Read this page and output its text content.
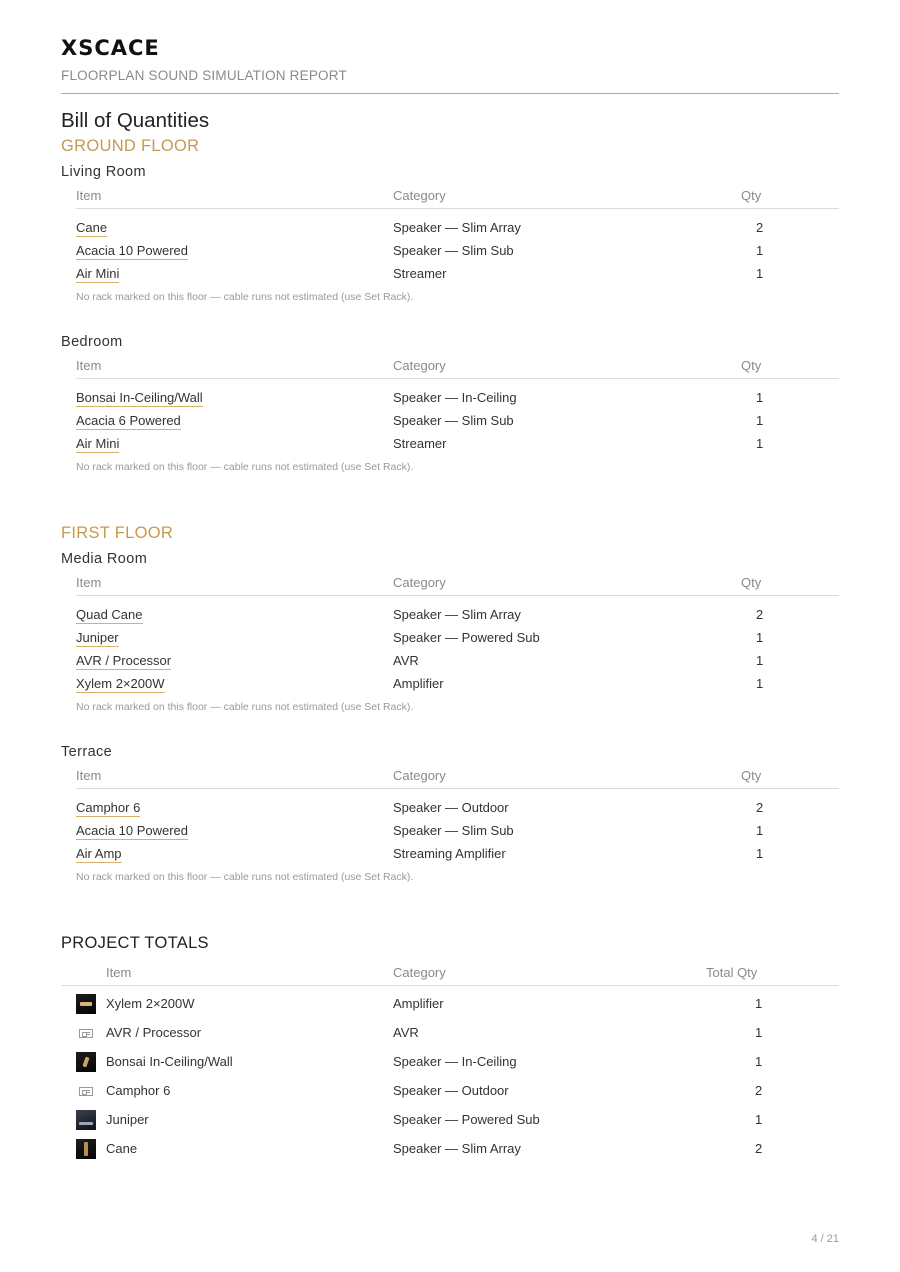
XSCACE
FLOORPLAN SOUND SIMULATION REPORT
Bill of Quantities
GROUND FLOOR
Living Room
Item	Category	Qty
Cane	Speaker — Slim Array	2
Acacia 10 Powered	Speaker — Slim Sub	1
Air Mini	Streamer	1
No rack marked on this floor — cable runs not estimated (use Set Rack).
Bedroom
Item	Category	Qty
Bonsai In-Ceiling/Wall	Speaker — In-Ceiling	1
Acacia 6 Powered	Speaker — Slim Sub	1
Air Mini	Streamer	1
No rack marked on this floor — cable runs not estimated (use Set Rack).
FIRST FLOOR
Media Room
Item	Category	Qty
Quad Cane	Speaker — Slim Array	2
Juniper	Speaker — Powered Sub	1
AVR / Processor	AVR	1
Xylem 2×200W	Amplifier	1
No rack marked on this floor — cable runs not estimated (use Set Rack).
Terrace
Item	Category	Qty
Camphor 6	Speaker — Outdoor	2
Acacia 10 Powered	Speaker — Slim Sub	1
Air Amp	Streaming Amplifier	1
No rack marked on this floor — cable runs not estimated (use Set Rack).
PROJECT TOTALS
Item	Category	Total Qty
Xylem 2×200W	Amplifier	1
AVR / Processor	AVR	1
Bonsai In-Ceiling/Wall	Speaker — In-Ceiling	1
Camphor 6	Speaker — Outdoor	2
Juniper	Speaker — Powered Sub	1
Cane	Speaker — Slim Array	2
4 / 21
